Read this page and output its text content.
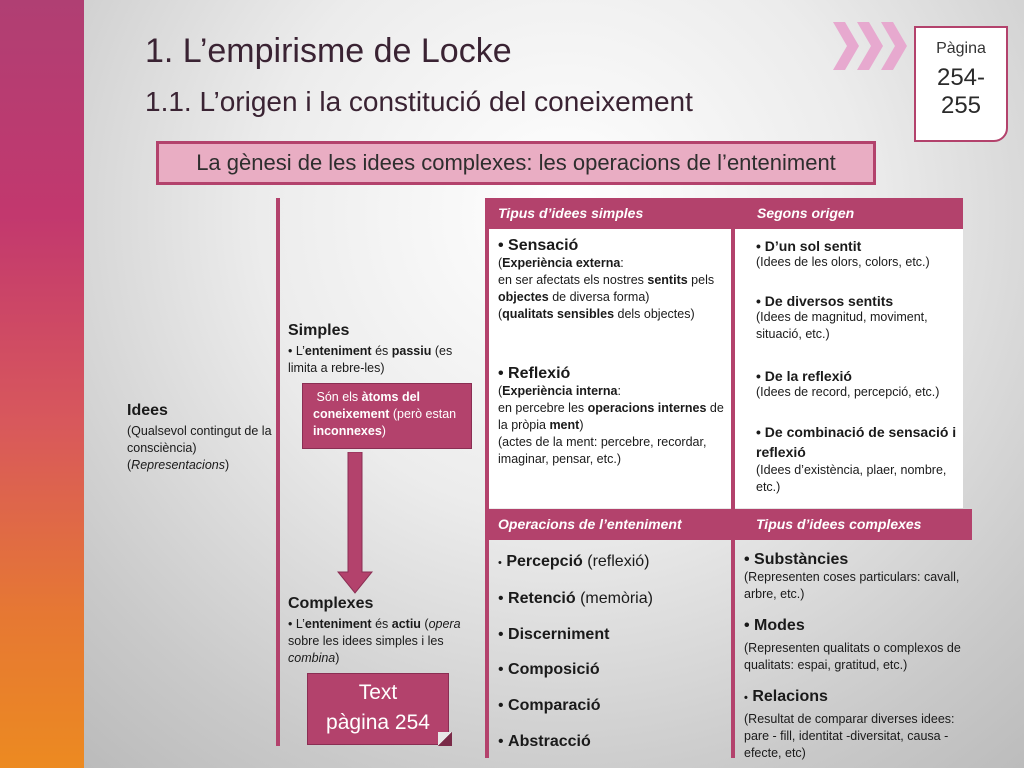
1. L’empirisme de Locke
1.1. L’origen i la constitució del coneixement
Pàgina
254-255
La gènesi de les idees complexes: les operacions de l’enteniment
Idees
(Qualsevol contingut de la consciència)
(Representacions)
Simples
• L’enteniment és passiu (es limita a rebre-les)
Són els àtoms del coneixement (però estan inconnexes)
Complexes
• L’enteniment és actiu (opera sobre les idees simples i les combina)
Text
pàgina 254
Tipus d’idees simples	Segons origen
• Sensació
(Experiència externa:
en ser afectats els nostres sentits pels objectes de diversa forma)
(qualitats sensibles dels objectes)
• Reflexió
(Experiència interna:
en percebre les operacions internes de la pròpia ment)
(actes de la ment: percebre, recordar, imaginar, pensar, etc.)
• D’un sol sentit
(Idees de les olors, colors, etc.)
• De diversos sentits
(Idees de magnitud, moviment, situació, etc.)
• De la reflexió
(Idees de record, percepció, etc.)
• De combinació de sensació i reflexió
(Idees d’existència, plaer, nombre, etc.)
Operacions de l’enteniment	Tipus d’idees complexes
• Percepció (reflexió)
• Retenció (memòria)
• Discerniment
• Composició
• Comparació
• Abstracció
• Substàncies
(Representen coses particulars: cavall, arbre, etc.)
• Modes
(Representen qualitats o complexos de qualitats: espai, gratitud, etc.)
• Relacions
(Resultat de comparar diverses idees: pare - fill, identitat -diversitat, causa - efecte, etc)
